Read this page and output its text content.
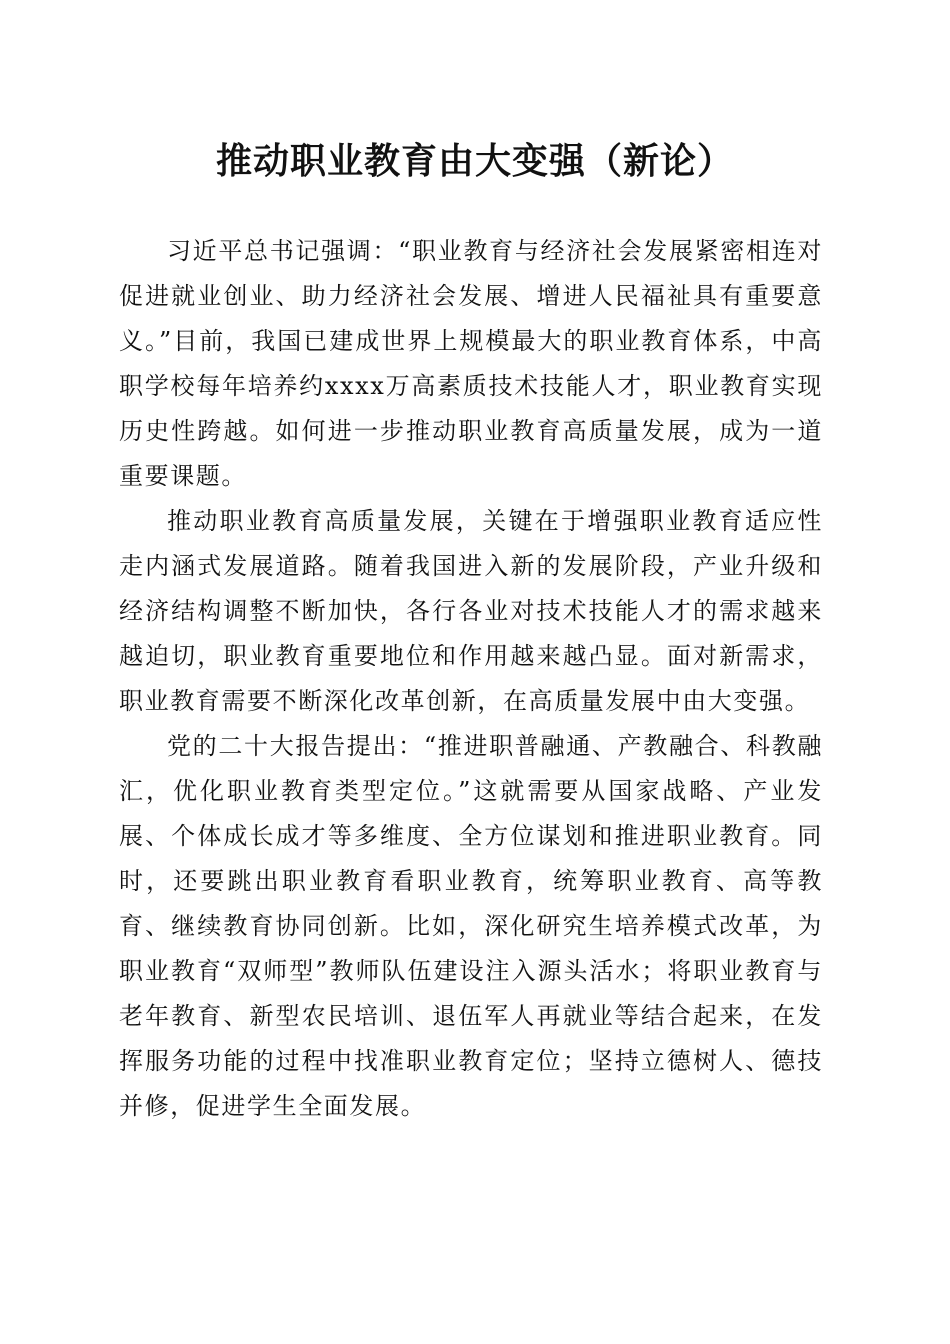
推动职业教育由大变强（新论）

习近平总书记强调：“职业教育与经济社会发展紧密相连对促进就业创业、助力经济社会发展、增进人民福祉具有重要意义。”目前，我国已建成世界上规模最大的职业教育体系，中高职学校每年培养约xxxx万高素质技术技能人才，职业教育实现历史性跨越。如何进一步推动职业教育高质量发展，成为一道重要课题。

推动职业教育高质量发展，关键在于增强职业教育适应性走内涵式发展道路。随着我国进入新的发展阶段，产业升级和经济结构调整不断加快，各行各业对技术技能人才的需求越来越迫切，职业教育重要地位和作用越来越凸显。面对新需求，职业教育需要不断深化改革创新，在高质量发展中由大变强。

党的二十大报告提出：“推进职普融通、产教融合、科教融汇，优化职业教育类型定位。”这就需要从国家战略、产业发展、个体成长成才等多维度、全方位谋划和推进职业教育。同时，还要跳出职业教育看职业教育，统筹职业教育、高等教育、继续教育协同创新。比如，深化研究生培养模式改革，为职业教育“双师型”教师队伍建设注入源头活水；将职业教育与老年教育、新型农民培训、退伍军人再就业等结合起来，在发挥服务功能的过程中找准职业教育定位；坚持立德树人、德技并修，促进学生全面发展。
